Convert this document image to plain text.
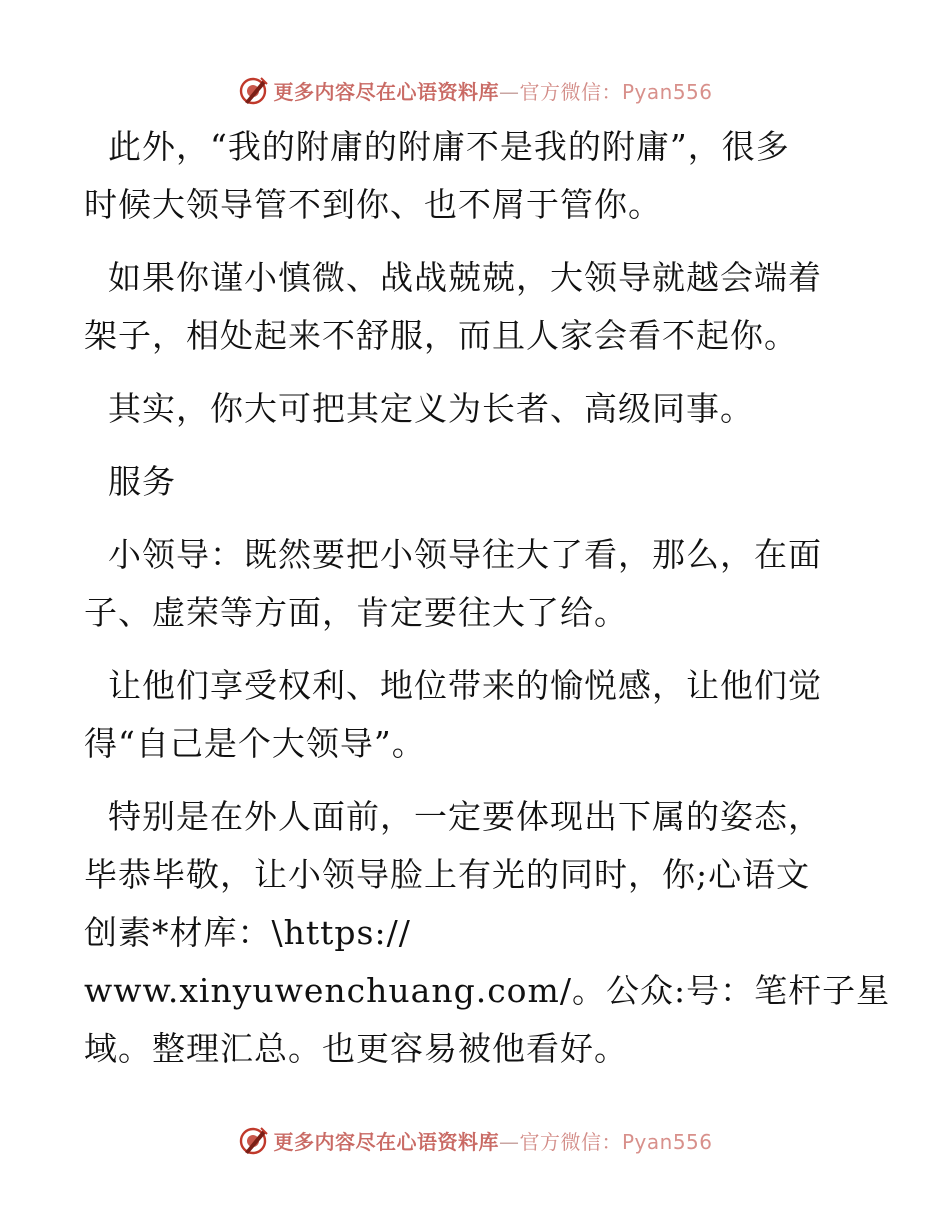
更多内容尽在心语资料库—官方微信：Pyan556

此外，“我的附庸的附庸不是我的附庸”，很多
时候大领导管不到你、也不屑于管你。

如果你谨小慎微、战战兢兢，大领导就越会端着
架子，相处起来不舒服，而且人家会看不起你。

其实，你大可把其定义为长者、高级同事。

服务

小领导：既然要把小领导往大了看，那么，在面
子、虚荣等方面，肯定要往大了给。

让他们享受权利、地位带来的愉悦感，让他们觉
得“自己是个大领导”。

特别是在外人面前，一定要体现出下属的姿态，
毕恭毕敬，让小领导脸上有光的同时，你;心语文
创素*材库：\https://
www.xinyuwenchuang.com/。公众:号：笔杆子星
域。整理汇总。也更容易被他看好。

更多内容尽在心语资料库—官方微信：Pyan556
